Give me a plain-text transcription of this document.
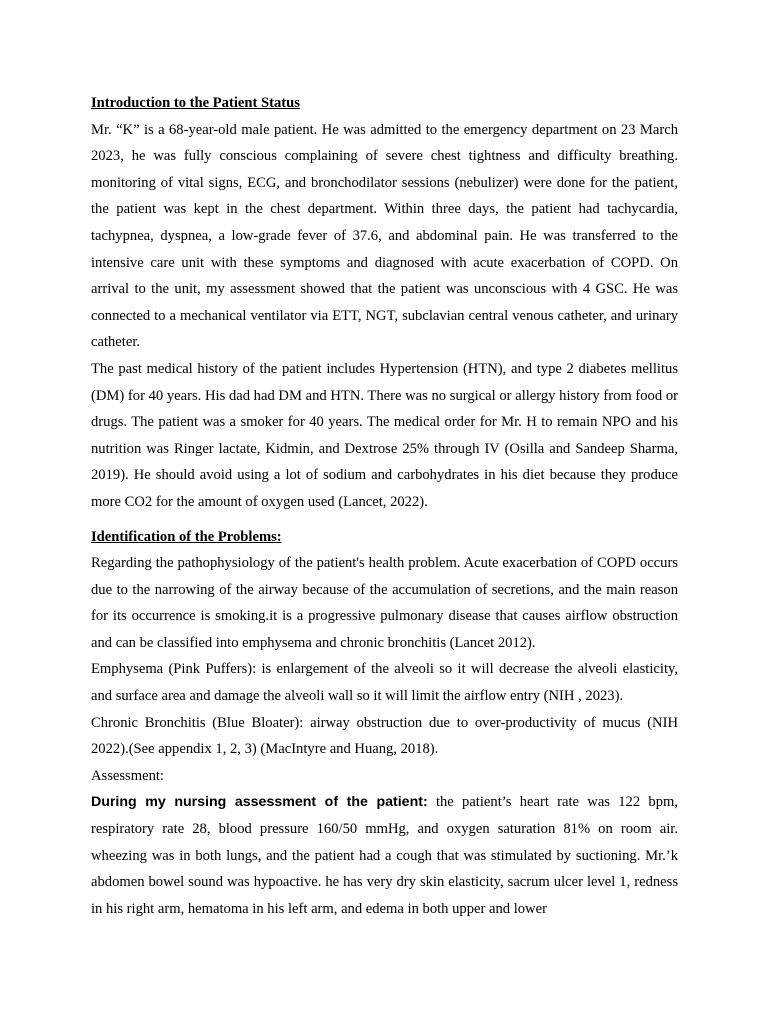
Introduction to the Patient Status

Mr. “K” is a 68-year-old male patient. He was admitted to the emergency department on 23 March 2023, he was fully conscious complaining of severe chest tightness and difficulty breathing. monitoring of vital signs, ECG, and bronchodilator sessions (nebulizer) were done for the patient, the patient was kept in the chest department. Within three days, the patient had tachycardia, tachypnea, dyspnea, a low-grade fever of 37.6, and abdominal pain. He was transferred to the intensive care unit with these symptoms and diagnosed with acute exacerbation of COPD. On arrival to the unit, my assessment showed that the patient was unconscious with 4 GSC. He was connected to a mechanical ventilator via ETT, NGT, subclavian central venous catheter, and urinary catheter.

The past medical history of the patient includes Hypertension (HTN), and type 2 diabetes mellitus (DM) for 40 years. His dad had DM and HTN. There was no surgical or allergy history from food or drugs. The patient was a smoker for 40 years. The medical order for Mr. H to remain NPO and his nutrition was Ringer lactate, Kidmin, and Dextrose 25% through IV (Osilla and Sandeep Sharma, 2019). He should avoid using a lot of sodium and carbohydrates in his diet because they produce more CO2 for the amount of oxygen used (Lancet, 2022).

Identification of the Problems:

Regarding the pathophysiology of the patient's health problem. Acute exacerbation of COPD occurs due to the narrowing of the airway because of the accumulation of secretions, and the main reason for its occurrence is smoking.it is a progressive pulmonary disease that causes airflow obstruction and can be classified into emphysema and chronic bronchitis (Lancet 2012).

Emphysema (Pink Puffers): is enlargement of the alveoli so it will decrease the alveoli elasticity, and surface area and damage the alveoli wall so it will limit the airflow entry (NIH , 2023).

Chronic Bronchitis (Blue Bloater): airway obstruction due to over-productivity of mucus (NIH 2022).(See appendix 1, 2, 3) (MacIntyre and Huang, 2018).

Assessment:

During my nursing assessment of the patient: the patient’s heart rate was 122 bpm, respiratory rate 28, blood pressure 160/50 mmHg, and oxygen saturation 81% on room air. wheezing was in both lungs, and the patient had a cough that was stimulated by suctioning. Mr.’k abdomen bowel sound was hypoactive. he has very dry skin elasticity, sacrum ulcer level 1, redness in his right arm, hematoma in his left arm, and edema in both upper and lower
